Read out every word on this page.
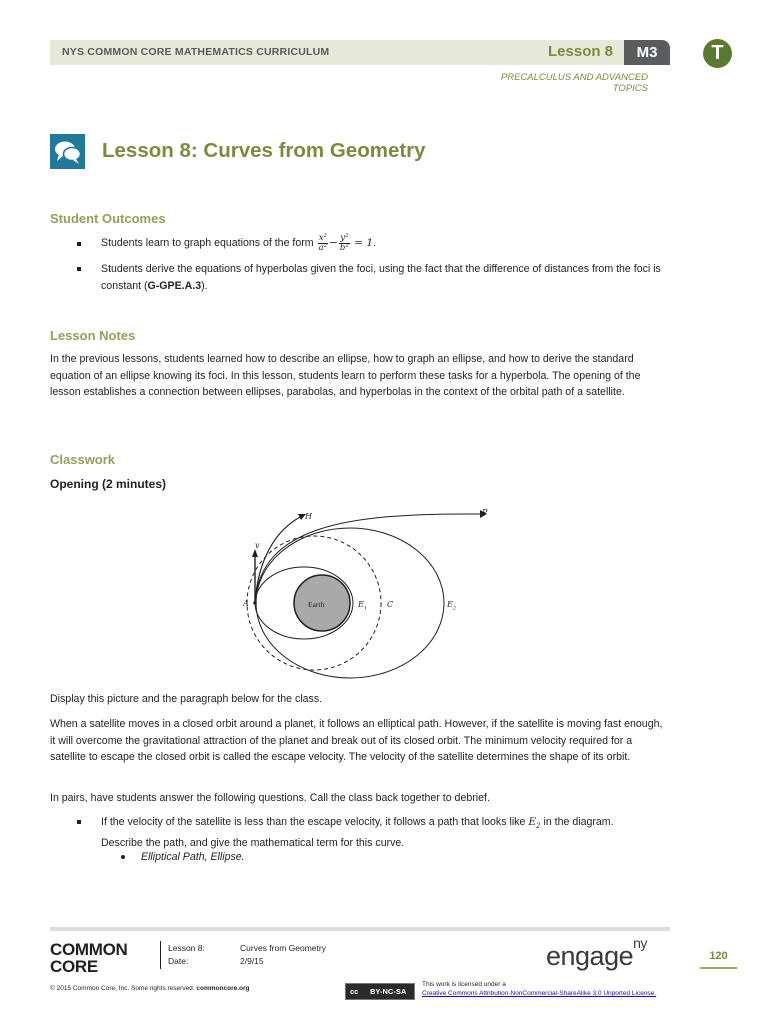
NYS COMMON CORE MATHEMATICS CURRICULUM	Lesson 8	M3	T
PRECALCULUS AND ADVANCED TOPICS
Lesson 8: Curves from Geometry
Student Outcomes
Students learn to graph equations of the form $\frac{\text{x²}}{\text{a²}} - \frac{\text{y²}}{\text{b²}} = 1$.
Students derive the equations of hyperbolas given the foci, using the fact that the difference of distances from the foci is constant (G-GPE.A.3).
Lesson Notes
In the previous lessons, students learned how to describe an ellipse, how to graph an ellipse, and how to derive the standard equation of an ellipse knowing its foci. In this lesson, students learn to perform these tasks for a hyperbola. The opening of the lesson establishes a connection between ellipses, parabolas, and hyperbolas in the context of the orbital path of a satellite.
Classwork
Opening (2 minutes)
H	P
v
A	Earth	$E_1$ C	$E_2$
Display this picture and the paragraph below for the class.
When a satellite moves in a closed orbit around a planet, it follows an elliptical path. However, if the satellite is moving fast enough, it will overcome the gravitational attraction of the planet and break out of its closed orbit. The minimum velocity required for a satellite to escape the closed orbit is called the escape velocity. The velocity of the satellite determines the shape of its orbit.
In pairs, have students answer the following questions. Call the class back together to debrief.
If the velocity of the satellite is less than the escape velocity, it follows a path that looks like $E_2$ in the diagram.
Describe the path, and give the mathematical term for this curve.
Elliptical Path, Ellipse.
COMMON
CORE
Lesson 8:	Curves from Geometry
Date:	2/9/15	engage$^{ny}$
120
© 2015 Common Core, Inc. Some rights reserved. commoncore.org	cc BY-NC-SA
This work is licensed under a
Creative Commons Attribution-NonCommercial-ShareAlike 3.0 Unported License.
